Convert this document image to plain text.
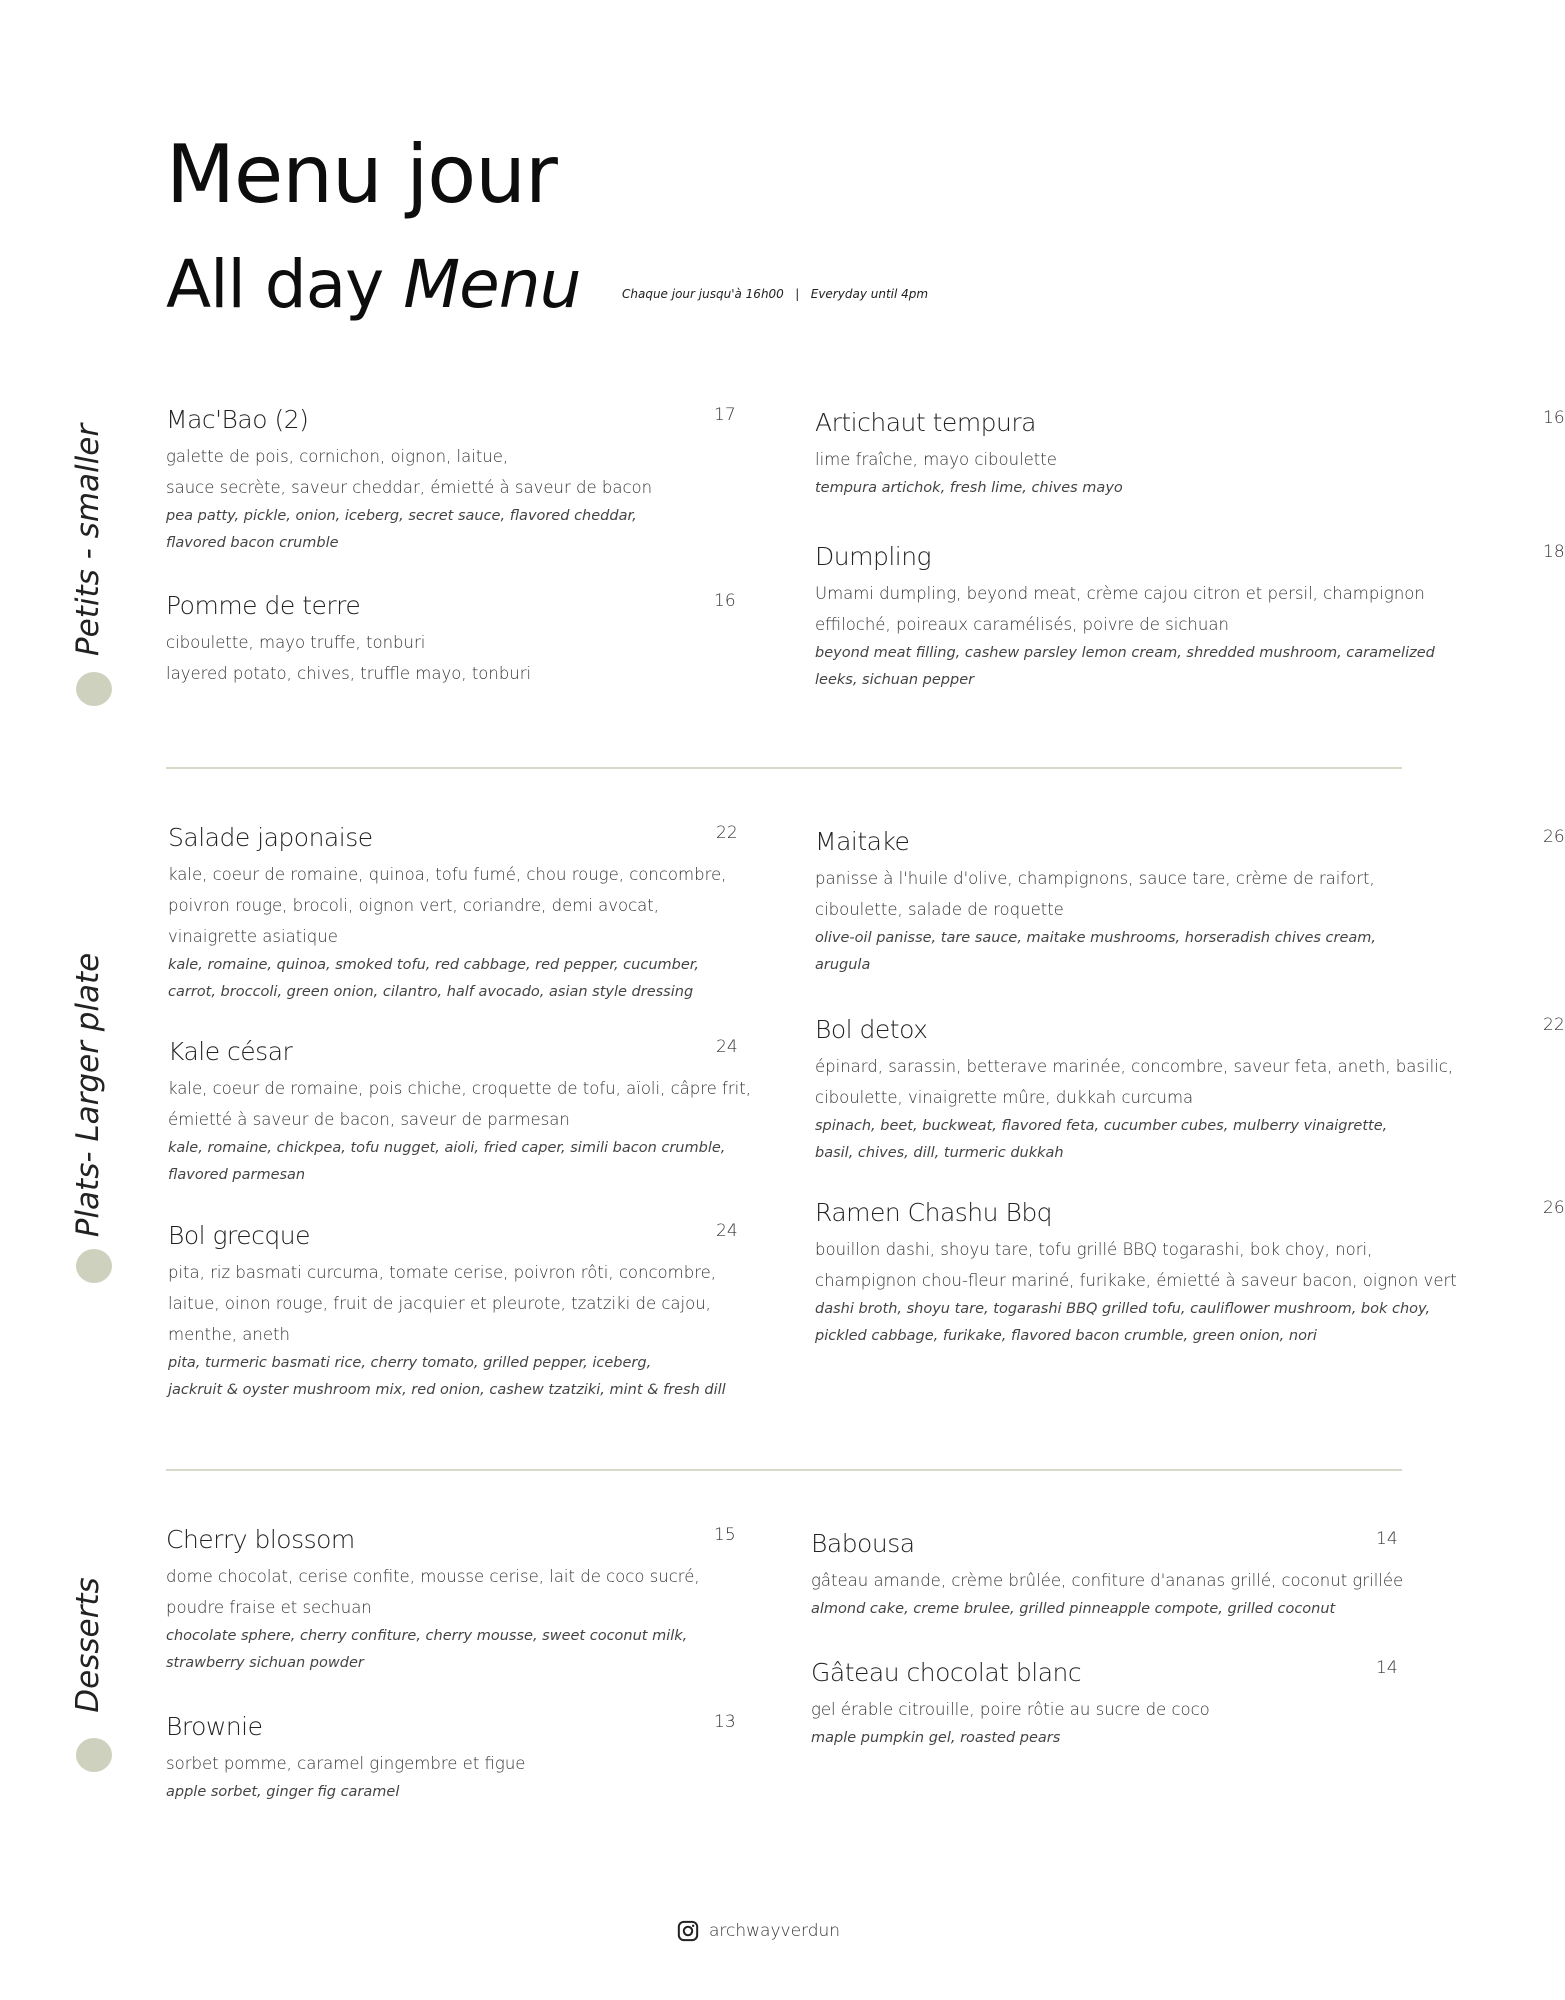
Menu jour
All day Menu	Chaque jour jusqu'à 16h00   |   Everyday until 4pm
Petits - smaller
Mac'Bao (2)	17
galette de pois, cornichon, oignon, laitue,
sauce secrète, saveur cheddar, émietté à saveur de bacon
pea patty, pickle, onion, iceberg, secret sauce, flavored cheddar,
flavored bacon crumble
Pomme de terre	16
ciboulette, mayo truffe, tonburi
layered potato, chives, truffle mayo, tonburi
Artichaut tempura	16
lime fraîche, mayo ciboulette
tempura artichok, fresh lime, chives mayo
Dumpling	18
Umami dumpling, beyond meat, crème cajou citron et persil, champignon
effiloché, poireaux caramélisés, poivre de sichuan
beyond meat filling, cashew parsley lemon cream, shredded mushroom, caramelized
leeks, sichuan pepper
Plats- Larger plate
Salade japonaise	22
kale, coeur de romaine, quinoa, tofu fumé, chou rouge, concombre,
poivron rouge, brocoli, oignon vert, coriandre, demi avocat,
vinaigrette asiatique
kale, romaine, quinoa, smoked tofu, red cabbage, red pepper, cucumber,
carrot, broccoli, green onion, cilantro, half avocado, asian style dressing
Kale césar	24
kale, coeur de romaine, pois chiche, croquette de tofu, aïoli, câpre frit,
émietté à saveur de bacon, saveur de parmesan
kale, romaine, chickpea, tofu nugget, aioli, fried caper, simili bacon crumble,
flavored parmesan
Bol grecque	24
pita, riz basmati curcuma, tomate cerise, poivron rôti, concombre,
laitue, oinon rouge, fruit de jacquier et pleurote, tzatziki de cajou,
menthe, aneth
pita, turmeric basmati rice, cherry tomato, grilled pepper, iceberg,
jackruit & oyster mushroom mix, red onion, cashew tzatziki, mint & fresh dill
Maitake	26
panisse à l'huile d'olive, champignons, sauce tare, crème de raifort,
ciboulette, salade de roquette
olive-oil panisse, tare sauce, maitake mushrooms, horseradish chives cream,
arugula
Bol detox	22
épinard, sarassin, betterave marinée, concombre, saveur feta, aneth, basilic,
ciboulette, vinaigrette mûre, dukkah curcuma
spinach, beet, buckweat, flavored feta, cucumber cubes, mulberry vinaigrette,
basil, chives, dill, turmeric dukkah
Ramen Chashu Bbq	26
bouillon dashi, shoyu tare, tofu grillé BBQ togarashi, bok choy, nori,
champignon chou-fleur mariné, furikake, émietté à saveur bacon, oignon vert
dashi broth, shoyu tare, togarashi BBQ grilled tofu, cauliflower mushroom, bok choy,
pickled cabbage, furikake, flavored bacon crumble, green onion, nori
Desserts
Cherry blossom	15
dome chocolat, cerise confite, mousse cerise, lait de coco sucré,
poudre fraise et sechuan
chocolate sphere, cherry confiture, cherry mousse, sweet coconut milk,
strawberry sichuan powder
Brownie	13
sorbet pomme, caramel gingembre et figue
apple sorbet, ginger fig caramel
Babousa	14
gâteau amande, crème brûlée, confiture d'ananas grillé, coconut grillée
almond cake, creme brulee, grilled pinneapple compote, grilled coconut
Gâteau chocolat blanc	14
gel érable citrouille, poire rôtie au sucre de coco
maple pumpkin gel, roasted pears
archwayverdun
